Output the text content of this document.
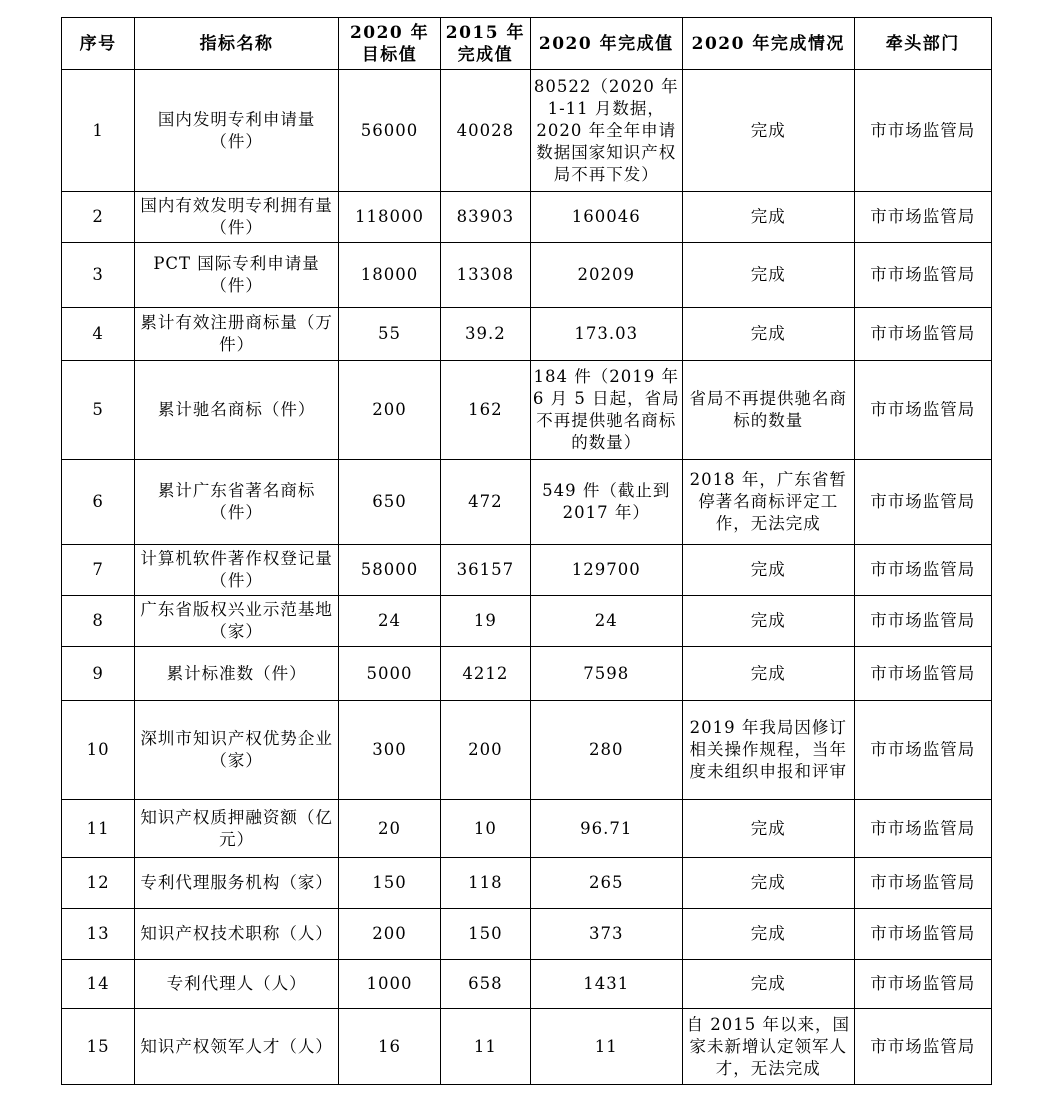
序号	指标名称	2020 年目标值	2015 年完成值	2020 年完成值	2020 年完成情况	牵头部门
1	国内发明专利申请量（件）	56000	40028	80522（2020 年 1-11 月数据，2020 年全年申请数据国家知识产权局不再下发）	完成	市市场监管局
2	国内有效发明专利拥有量（件）	118000	83903	160046	完成	市市场监管局
3	PCT 国际专利申请量（件）	18000	13308	20209	完成	市市场监管局
4	累计有效注册商标量（万件）	55	39.2	173.03	完成	市市场监管局
5	累计驰名商标（件）	200	162	184 件（2019 年 6 月 5 日起，省局不再提供驰名商标的数量）	省局不再提供驰名商标的数量	市市场监管局
6	累计广东省著名商标（件）	650	472	549 件（截止到 2017 年）	2018 年，广东省暂停著名商标评定工作，无法完成	市市场监管局
7	计算机软件著作权登记量（件）	58000	36157	129700	完成	市市场监管局
8	广东省版权兴业示范基地（家）	24	19	24	完成	市市场监管局
9	累计标准数（件）	5000	4212	7598	完成	市市场监管局
10	深圳市知识产权优势企业（家）	300	200	280	2019 年我局因修订相关操作规程，当年度未组织申报和评审	市市场监管局
11	知识产权质押融资额（亿元）	20	10	96.71	完成	市市场监管局
12	专利代理服务机构（家）	150	118	265	完成	市市场监管局
13	知识产权技术职称（人）	200	150	373	完成	市市场监管局
14	专利代理人（人）	1000	658	1431	完成	市市场监管局
15	知识产权领军人才（人）	16	11	11	自 2015 年以来，国家未新增认定领军人才，无法完成	市市场监管局
